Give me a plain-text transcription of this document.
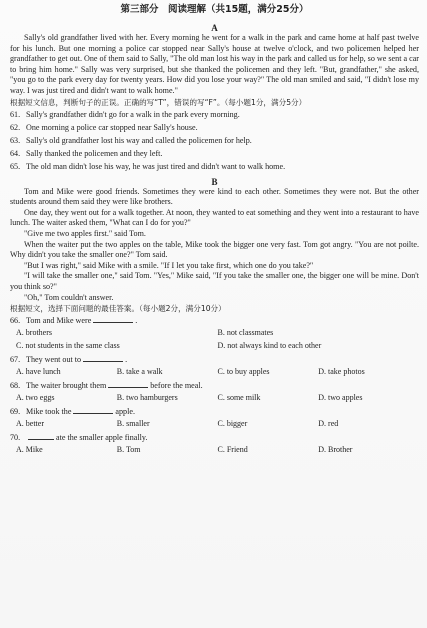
第三部分　阅读理解（共15题，满分25分）
A

Sally's old grandfather lived with her. Every morning he went for a walk in the park and came home at half past twelve for his lunch. But one morning a police car stopped near Sally's house at twelve o'clock, and two policemen helped her grandfather to get out. One of them said to Sally, "The old man lost his way in the park and called us for help, so we sent a car to bring him home." Sally was very surprised, but she thanked the policemen and they left. "But, grandfather," she asked, "you go to the park every day for twenty years. How did you lose your way?" The old man smiled and said, "I didn't lose my way. I was just tired and didn't want to walk home."

根据短文信息，判断句子的正误。正确的写“T”，错误的写“F”。（每小题1分，满分5分）
61. Sally's grandfather didn't go for a walk in the park every morning.
62. One morning a police car stopped near Sally's house.
63. Sally's old grandfather lost his way and called the policemen for help.
64. Sally thanked the policemen and they left.
65. The old man didn't lose his way, he was just tired and didn't want to walk home.
B

Tom and Mike were good friends. Sometimes they were kind to each other. Sometimes they were not. But the other students around them said they were like brothers.

One day, they went out for a walk together. At noon, they wanted to eat something and they went into a restaurant to have lunch. The waiter asked them, "What can I do for you?"

"Give me two apples first." said Tom.

When the waiter put the two apples on the table, Mike took the bigger one very fast. Tom got angry. "You are not poilte. Why didn't you take the smaller one?" Tom said.

"But I was right," said Mike with a smile. "If I let you take first, which one do you take?"

"I will take the smaller one," said Tom. "Yes," Mike said, "If you take the smaller one, the bigger one will be mine. Don't you think so?"

"Oh," Tom couldn't answer.

根据短文，选择下面问题的最佳答案。（每小题2分，满分10分）
66. Tom and Mike were	.
A. brothers	B. not classmates
C. not students in the same class	D. not always kind to each other
67. They went out to	.
A. have lunch	B. take a walk	C. to buy apples	D. take photos
68. The waiter brought them	before the meal.
A. two eggs	B. two hamburgers	C. some milk	D. two apples
69. Mike took the	apple.
A. better	B. smaller	C. bigger	D. red
70.	ate the smaller apple finally.
A. Mike	B. Tom	C. Friend	D. Brother
